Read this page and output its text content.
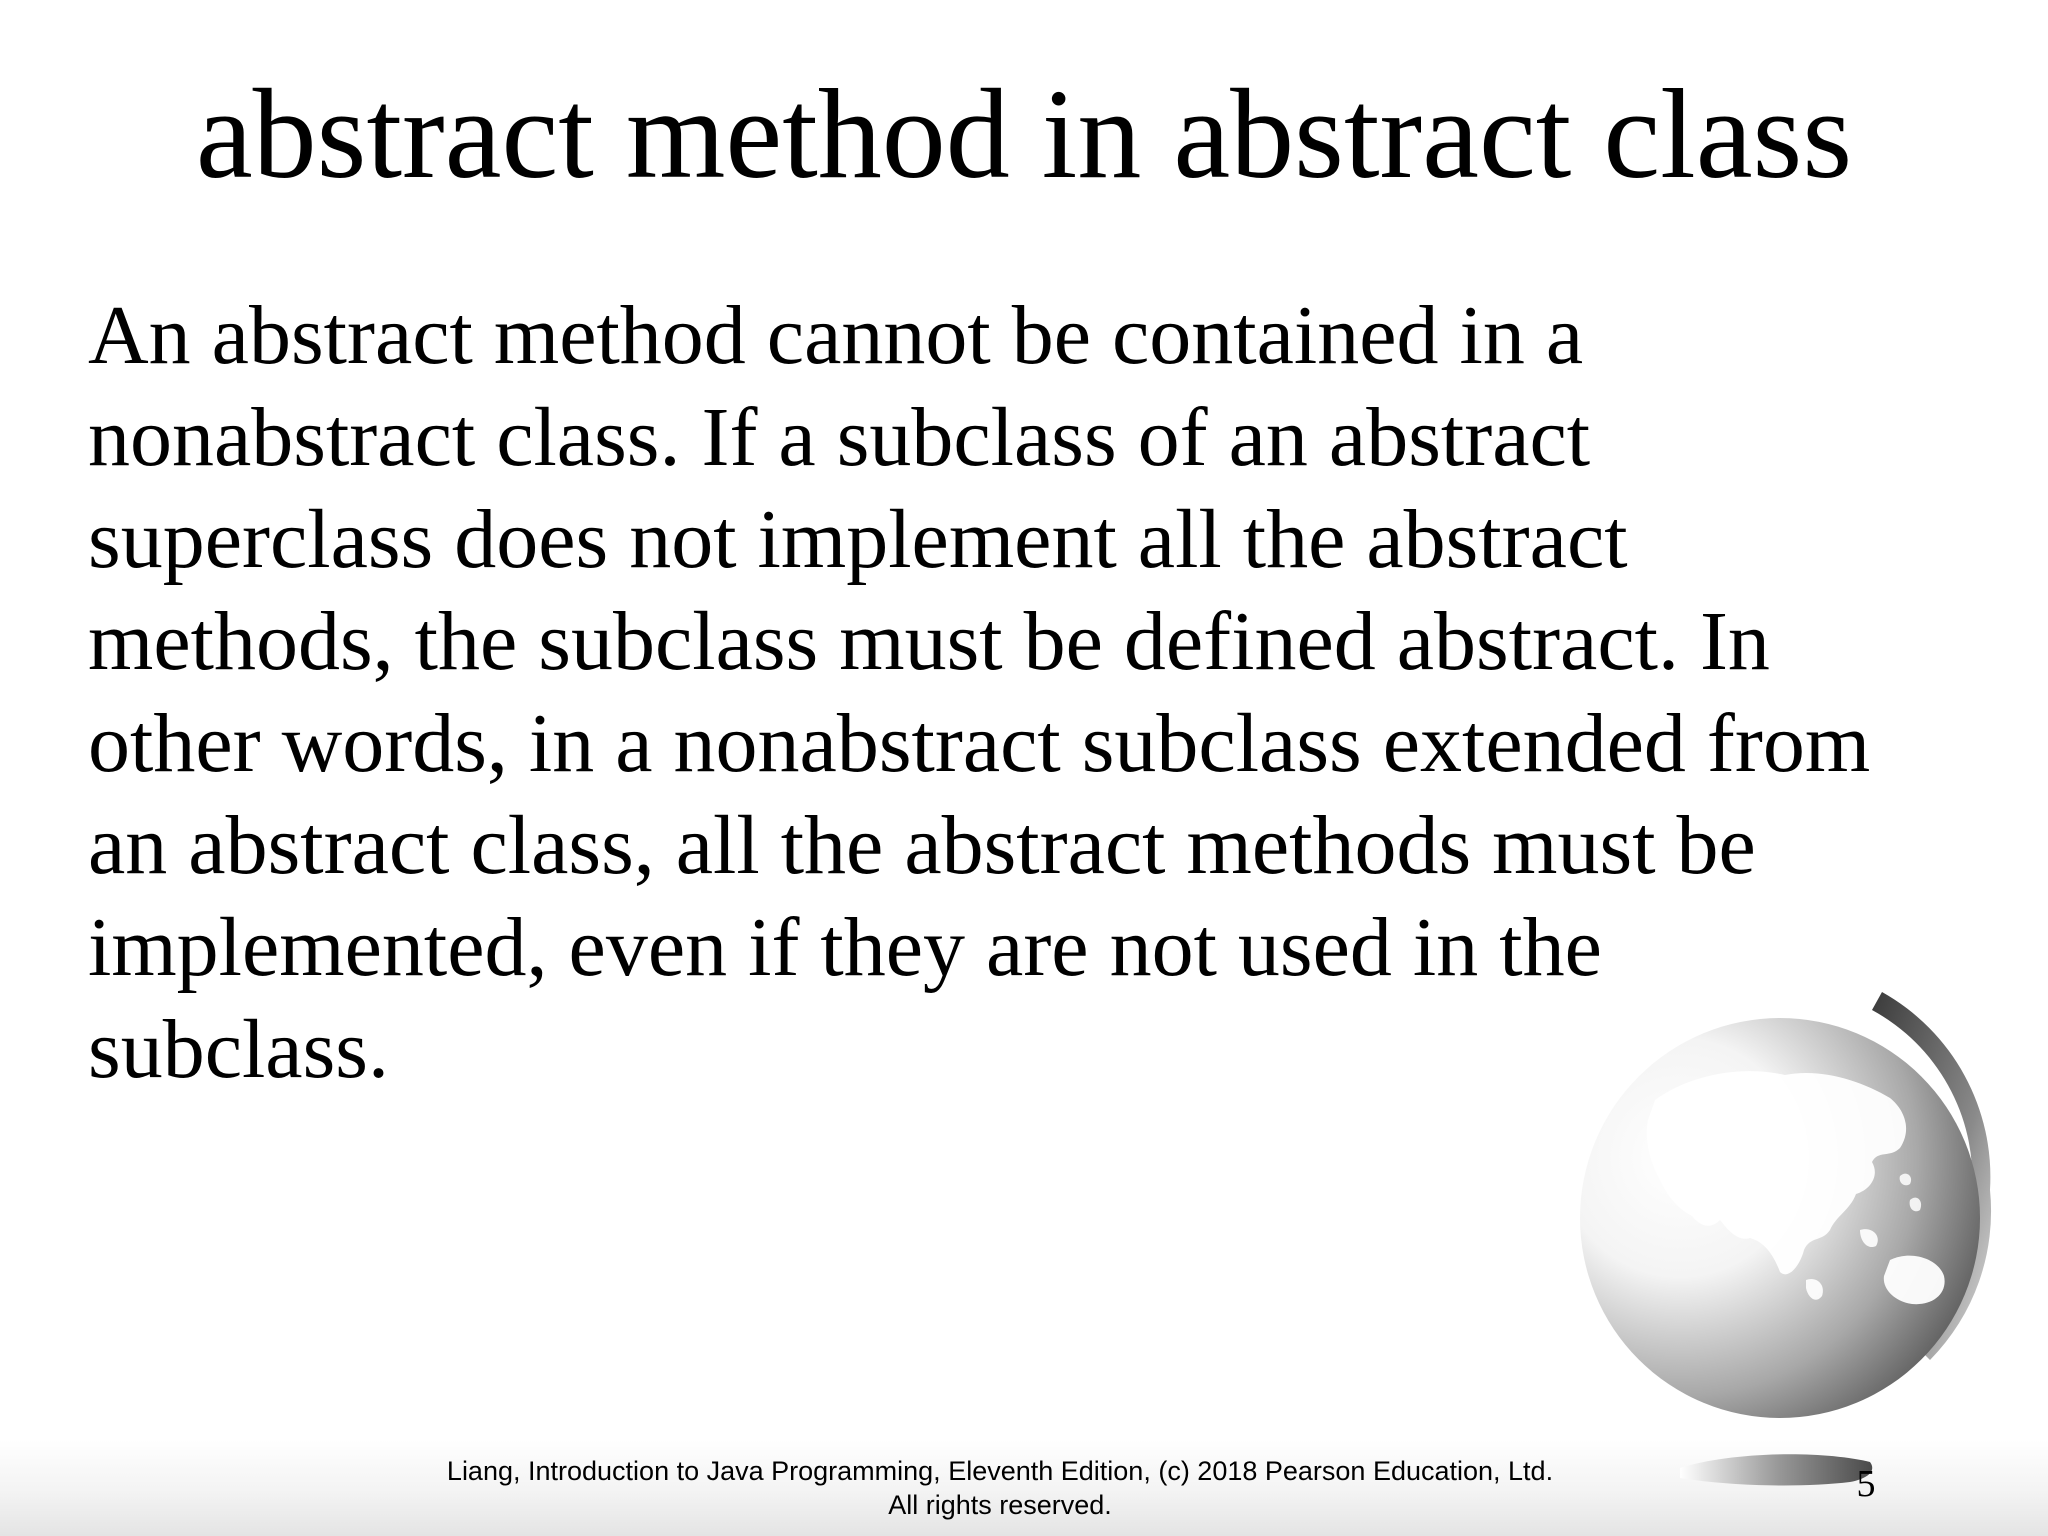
abstract method in abstract class
An abstract method cannot be contained in a
nonabstract class. If a subclass of an abstract
superclass does not implement all the abstract
methods, the subclass must be defined abstract. In
other words, in a nonabstract subclass extended from
an abstract class, all the abstract methods must be
implemented, even if they are not used in the
subclass.
Liang, Introduction to Java Programming, Eleventh Edition, (c) 2018 Pearson Education, Ltd.
All rights reserved.	5
